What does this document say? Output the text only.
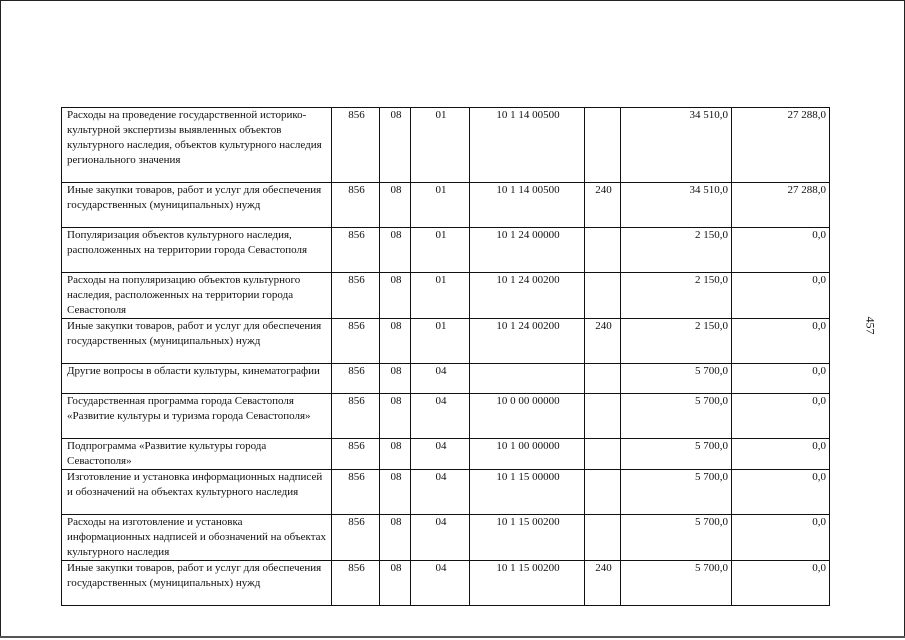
457
Расходы на проведение государственной историко-культурной экспертизы выявленных объектов культурного наследия, объектов культурного наследия регионального значения	856	08	01	10 1 14 00500		34 510,0	27 288,0
Иные закупки товаров, работ и услуг для обеспечения государственных (муниципальных) нужд	856	08	01	10 1 14 00500	240	34 510,0	27 288,0
Популяризация объектов культурного наследия, расположенных на территории города Севастополя	856	08	01	10 1 24 00000		2 150,0	0,0
Расходы на популяризацию объектов культурного наследия, расположенных на территории города Севастополя	856	08	01	10 1 24 00200		2 150,0	0,0
Иные закупки товаров, работ и услуг для обеспечения государственных (муниципальных) нужд	856	08	01	10 1 24 00200	240	2 150,0	0,0
Другие вопросы в области культуры, кинематографии	856	08	04			5 700,0	0,0
Государственная программа города Севастополя «Развитие культуры и туризма города Севастополя»	856	08	04	10 0 00 00000		5 700,0	0,0
Подпрограмма «Развитие культуры города Севастополя»	856	08	04	10 1 00 00000		5 700,0	0,0
Изготовление и установка информационных надписей и обозначений на объектах культурного наследия	856	08	04	10 1 15 00000		5 700,0	0,0
Расходы на изготовление и установка информационных надписей и обозначений на объектах культурного наследия	856	08	04	10 1 15 00200		5 700,0	0,0
Иные закупки товаров, работ и услуг для обеспечения государственных (муниципальных) нужд	856	08	04	10 1 15 00200	240	5 700,0	0,0
